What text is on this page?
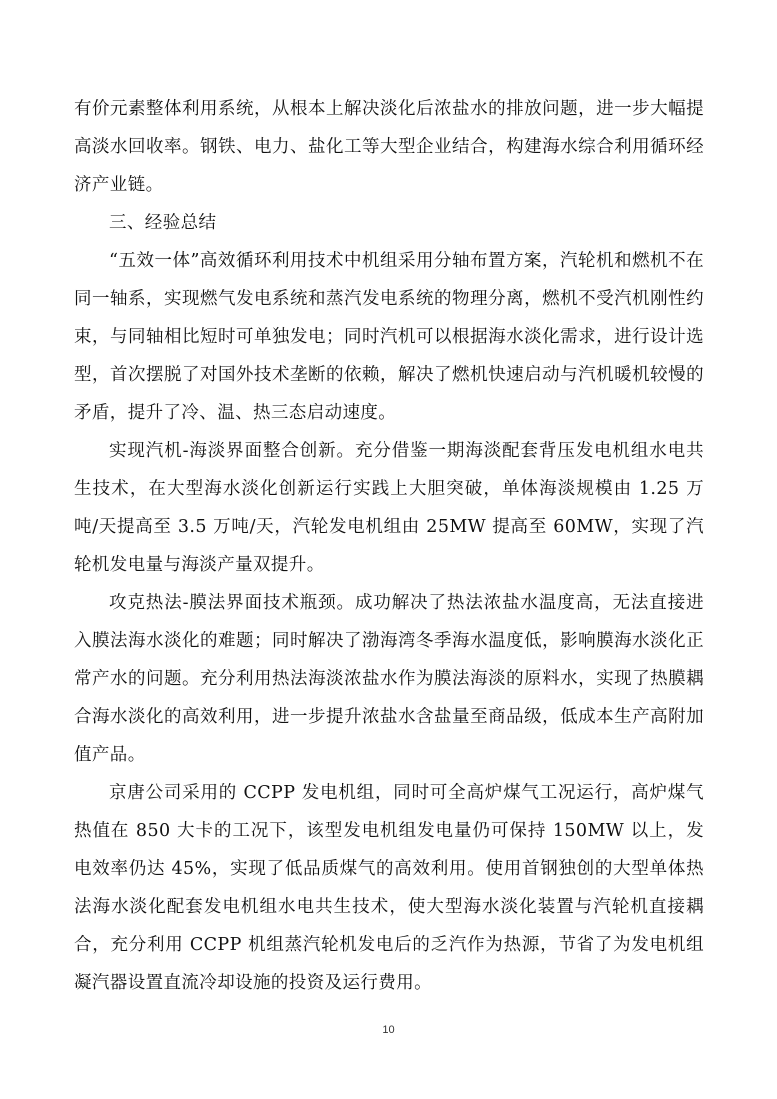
有价元素整体利用系统，从根本上解决淡化后浓盐水的排放问题，进一步大幅提高淡水回收率。钢铁、电力、盐化工等大型企业结合，构建海水综合利用循环经济产业链。

三、经验总结

“五效一体”高效循环利用技术中机组采用分轴布置方案，汽轮机和燃机不在同一轴系，实现燃气发电系统和蒸汽发电系统的物理分离，燃机不受汽机刚性约束，与同轴相比短时可单独发电；同时汽机可以根据海水淡化需求，进行设计选型，首次摆脱了对国外技术垄断的依赖，解决了燃机快速启动与汽机暖机较慢的矛盾，提升了冷、温、热三态启动速度。

实现汽机-海淡界面整合创新。充分借鉴一期海淡配套背压发电机组水电共生技术，在大型海水淡化创新运行实践上大胆突破，单体海淡规模由 1.25 万吨/天提高至 3.5 万吨/天，汽轮发电机组由 25MW 提高至 60MW，实现了汽轮机发电量与海淡产量双提升。

攻克热法-膜法界面技术瓶颈。成功解决了热法浓盐水温度高，无法直接进入膜法海水淡化的难题；同时解决了渤海湾冬季海水温度低，影响膜海水淡化正常产水的问题。充分利用热法海淡浓盐水作为膜法海淡的原料水，实现了热膜耦合海水淡化的高效利用，进一步提升浓盐水含盐量至商品级，低成本生产高附加值产品。

京唐公司采用的 CCPP 发电机组，同时可全高炉煤气工况运行，高炉煤气热值在 850 大卡的工况下，该型发电机组发电量仍可保持 150MW 以上，发电效率仍达 45%，实现了低品质煤气的高效利用。使用首钢独创的大型单体热法海水淡化配套发电机组水电共生技术，使大型海水淡化装置与汽轮机直接耦合，充分利用 CCPP 机组蒸汽轮机发电后的乏汽作为热源，节省了为发电机组凝汽器设置直流冷却设施的投资及运行费用。

10
